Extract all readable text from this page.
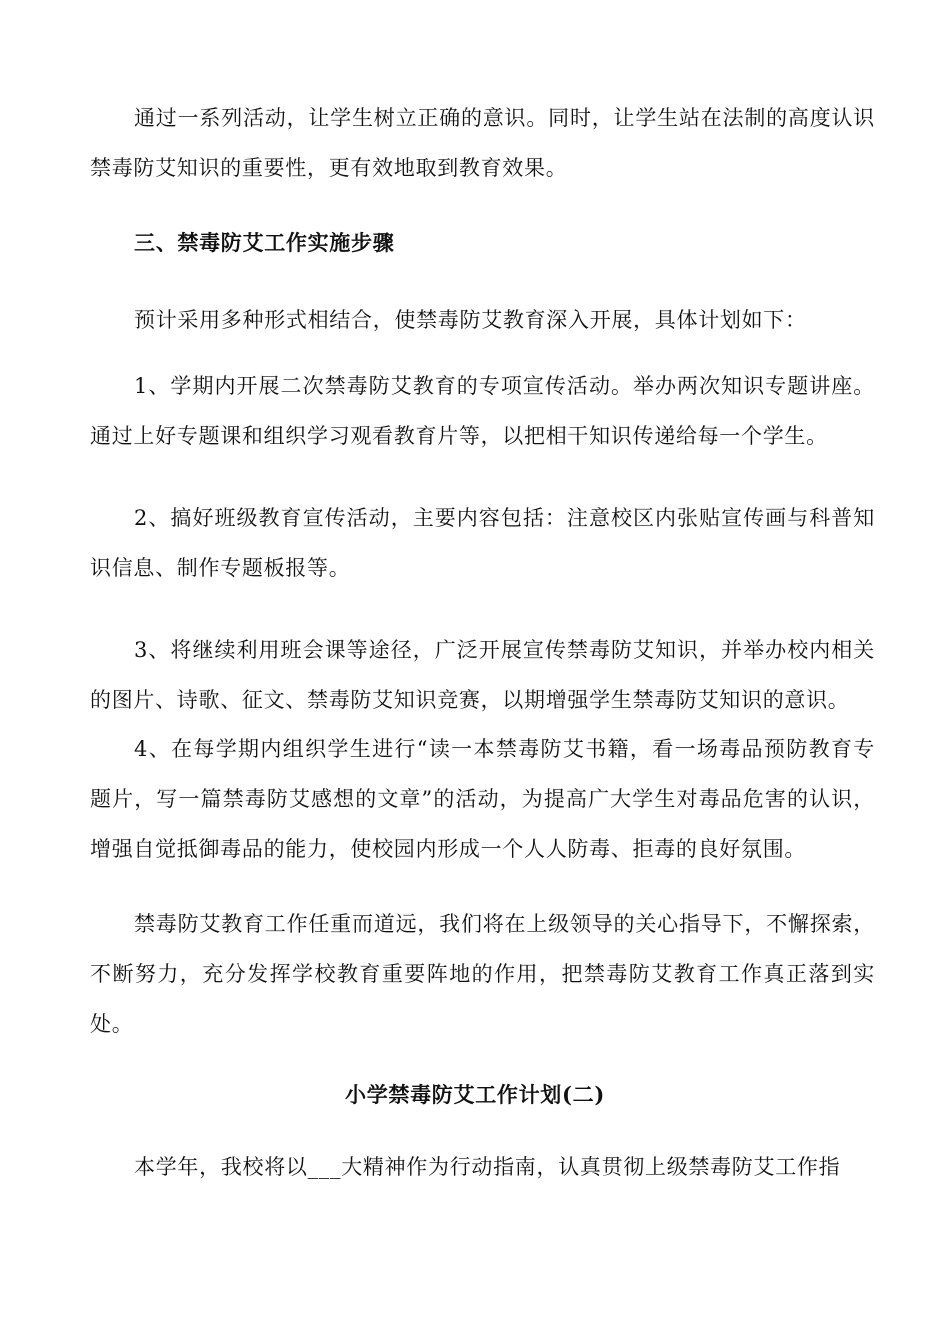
通过一系列活动，让学生树立正确的意识。同时，让学生站在法制的高度认识禁毒防艾知识的重要性，更有效地取到教育效果。

三、禁毒防艾工作实施步骤

预计采用多种形式相结合，使禁毒防艾教育深入开展，具体计划如下：

1、学期内开展二次禁毒防艾教育的专项宣传活动。举办两次知识专题讲座。通过上好专题课和组织学习观看教育片等，以把相干知识传递给每一个学生。

2、搞好班级教育宣传活动，主要内容包括：注意校区内张贴宣传画与科普知识信息、制作专题板报等。

3、将继续利用班会课等途径，广泛开展宣传禁毒防艾知识，并举办校内相关的图片、诗歌、征文、禁毒防艾知识竞赛，以期增强学生禁毒防艾知识的意识。

4、在每学期内组织学生进行“读一本禁毒防艾书籍，看一场毒品预防教育专题片，写一篇禁毒防艾感想的文章”的活动，为提高广大学生对毒品危害的认识，增强自觉抵御毒品的能力，使校园内形成一个人人防毒、拒毒的良好氛围。

禁毒防艾教育工作任重而道远，我们将在上级领导的关心指导下，不懈探索，不断努力，充分发挥学校教育重要阵地的作用，把禁毒防艾教育工作真正落到实处。

小学禁毒防艾工作计划(二)

本学年，我校将以___大精神作为行动指南，认真贯彻上级禁毒防艾工作指
